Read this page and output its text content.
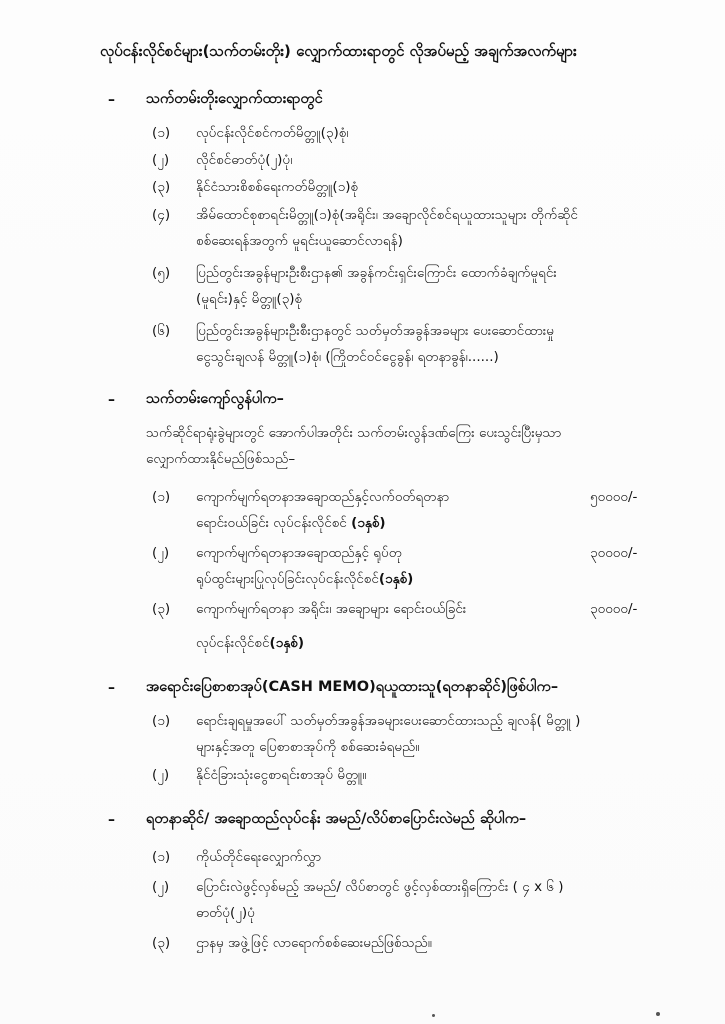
လုပ်ငန်းလိုင်စင်များ(သက်တမ်းတိုး) လျှောက်ထားရာတွင် လိုအပ်မည့် အချက်အလက်များ
– သက်တမ်းတိုးလျှောက်ထားရာတွင်
(၁) လုပ်ငန်းလိုင်စင်ကတ်မိတ္တူ(၃)စုံ၊
(၂) လိုင်စင်ဓာတ်ပုံ(၂)ပုံ၊
(၃) နိုင်ငံသားစိစစ်ရေးကတ်မိတ္တူ(၁)စုံ
(၄) အိမ်ထောင်စုစာရင်းမိတ္တူ(၁)စုံ(အရိုင်း၊ အချောလိုင်စင်ရယူထားသူများ တိုက်ဆိုင်
စစ်ဆေးရန်အတွက် မူရင်းယူဆောင်လာရန်)
(၅) ပြည်တွင်းအခွန်များဦးစီးဌာန၏ အခွန်ကင်းရှင်းကြောင်း ထောက်ခံချက်မူရင်း
(မူရင်း)နှင့် မိတ္တူ(၃)စုံ
(၆) ပြည်တွင်းအခွန်များဦးစီးဌာနတွင် သတ်မှတ်အခွန်အခများ ပေးဆောင်ထားမှု
ငွေသွင်းချလန် မိတ္တူ(၁)စုံ၊ (ကြိုတင်ဝင်ငွေခွန်၊ ရတနာခွန်၊......)
– သက်တမ်းကျော်လွန်ပါက–
သက်ဆိုင်ရာရုံးခွဲများတွင် အောက်ပါအတိုင်း သက်တမ်းလွန်ဒဏ်ကြေး ပေးသွင်းပြီးမှသာ
လျှောက်ထားနိုင်မည်ဖြစ်သည်–
(၁) ကျောက်မျက်ရတနာအချောထည်နှင့်လက်ဝတ်ရတနာ	၅၀၀၀၀/-
ရောင်းဝယ်ခြင်း လုပ်ငန်းလိုင်စင် (၁နှစ်)
(၂) ကျောက်မျက်ရတနာအချောထည်နှင့် ရုပ်တု	၃၀၀၀၀/-
ရုပ်ထွင်းများပြုလုပ်ခြင်းလုပ်ငန်းလိုင်စင်(၁နှစ်)
(၃) ကျောက်မျက်ရတနာ အရိုင်း၊ အချောများ ရောင်းဝယ်ခြင်း	၃၀၀၀၀/-
လုပ်ငန်းလိုင်စင်(၁နှစ်)
– အရောင်းပြေစာစာအုပ်(CASH MEMO)ရယူထားသူ(ရတနာဆိုင်)ဖြစ်ပါက–
(၁) ရောင်းချရမှုအပေါ် သတ်မှတ်အခွန်အခများပေးဆောင်ထားသည့် ချလန်( မိတ္တူ )
များနှင့်အတူ ပြေစာစာအုပ်ကို စစ်ဆေးခံရမည်။
(၂) နိုင်ငံခြားသုံးငွေစာရင်းစာအုပ် မိတ္တူ။
– ရတနာဆိုင်/ အချောထည်လုပ်ငန်း အမည်/လိပ်စာပြောင်းလဲမည် ဆိုပါက–
(၁) ကိုယ်တိုင်ရေးလျှောက်လွှာ
(၂) ပြောင်းလဲဖွင့်လှစ်မည့် အမည်/ လိပ်စာတွင် ဖွင့်လှစ်ထားရှိကြောင်း ( ၄ x ၆ )
ဓာတ်ပုံ(၂)ပုံ
(၃) ဌာနမှ အဖွဲ့ဖြင့် လာရောက်စစ်ဆေးမည်ဖြစ်သည်။
